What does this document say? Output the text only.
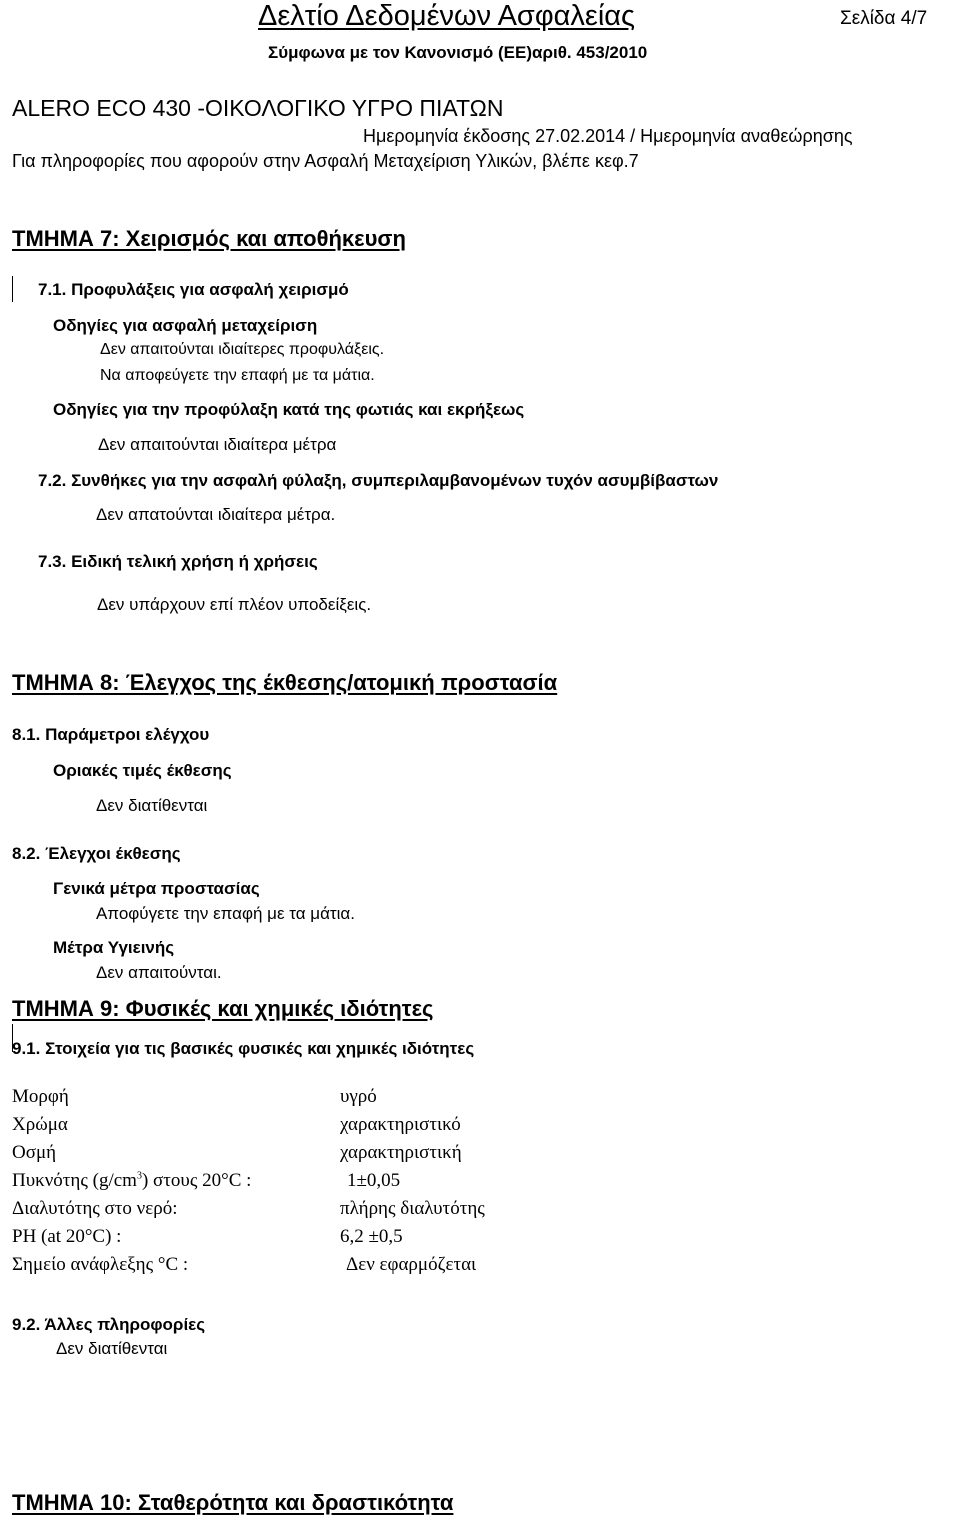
Δελτίο Δεδομένων Ασφαλείας	Σελίδα 4/7
Σύμφωνα με τον Κανονισμό (ΕΕ)αριθ. 453/2010
ALERO ECO 430 -ΟΙΚΟΛΟΓΙΚΟ ΥΓΡΟ ΠΙΑΤΩΝ
Ημερομηνία έκδοσης 27.02.2014 / Ημερομηνία αναθεώρησης
Για πληροφορίες που αφορούν στην Ασφαλή Μεταχείριση Υλικών, βλέπε κεφ.7
ΤΜΗΜΑ 7: Χειρισμός και αποθήκευση
7.1. Προφυλάξεις για ασφαλή χειρισμό
Οδηγίες για ασφαλή μεταχείριση
Δεν απαιτούνται ιδιαίτερες προφυλάξεις.
Να αποφεύγετε την επαφή με τα μάτια.
Οδηγίες για την προφύλαξη κατά της φωτιάς και εκρήξεως
Δεν απαιτούνται ιδιαίτερα μέτρα
7.2. Συνθήκες για την ασφαλή φύλαξη, συμπεριλαμβανομένων τυχόν ασυμβίβαστων
Δεν απατούνται ιδιαίτερα μέτρα.
7.3. Ειδική τελική χρήση ή χρήσεις
Δεν υπάρχουν επί πλέον υποδείξεις.
ΤΜΗΜΑ 8: Έλεγχος της έκθεσης/ατομική προστασία
8.1. Παράμετροι ελέγχου
Οριακές τιμές έκθεσης
Δεν διατίθενται
8.2. Έλεγχοι έκθεσης
Γενικά μέτρα προστασίας
Αποφύγετε την επαφή με τα μάτια.
Μέτρα Υγιεινής
Δεν απαιτούνται.
ΤΜΗΜΑ 9: Φυσικές και χημικές ιδιότητες
9.1. Στοιχεία για τις βασικές φυσικές και χημικές ιδιότητες
Μορφή	υγρό
Χρώμα	χαρακτηριστικό
Οσμή	χαρακτηριστική
Πυκνότης $(g/cm^3)$ στους 20°C :	1±0,05
Διαλυτότης στο νερό:	πλήρης διαλυτότης
PH (at 20°C) :	6,2 ±0,5
Σημείο ανάφλεξης °C :	Δεν εφαρμόζεται
9.2. Άλλες πληροφορίες
Δεν διατίθενται
ΤΜΗΜΑ 10: Σταθερότητα και δραστικότητα
